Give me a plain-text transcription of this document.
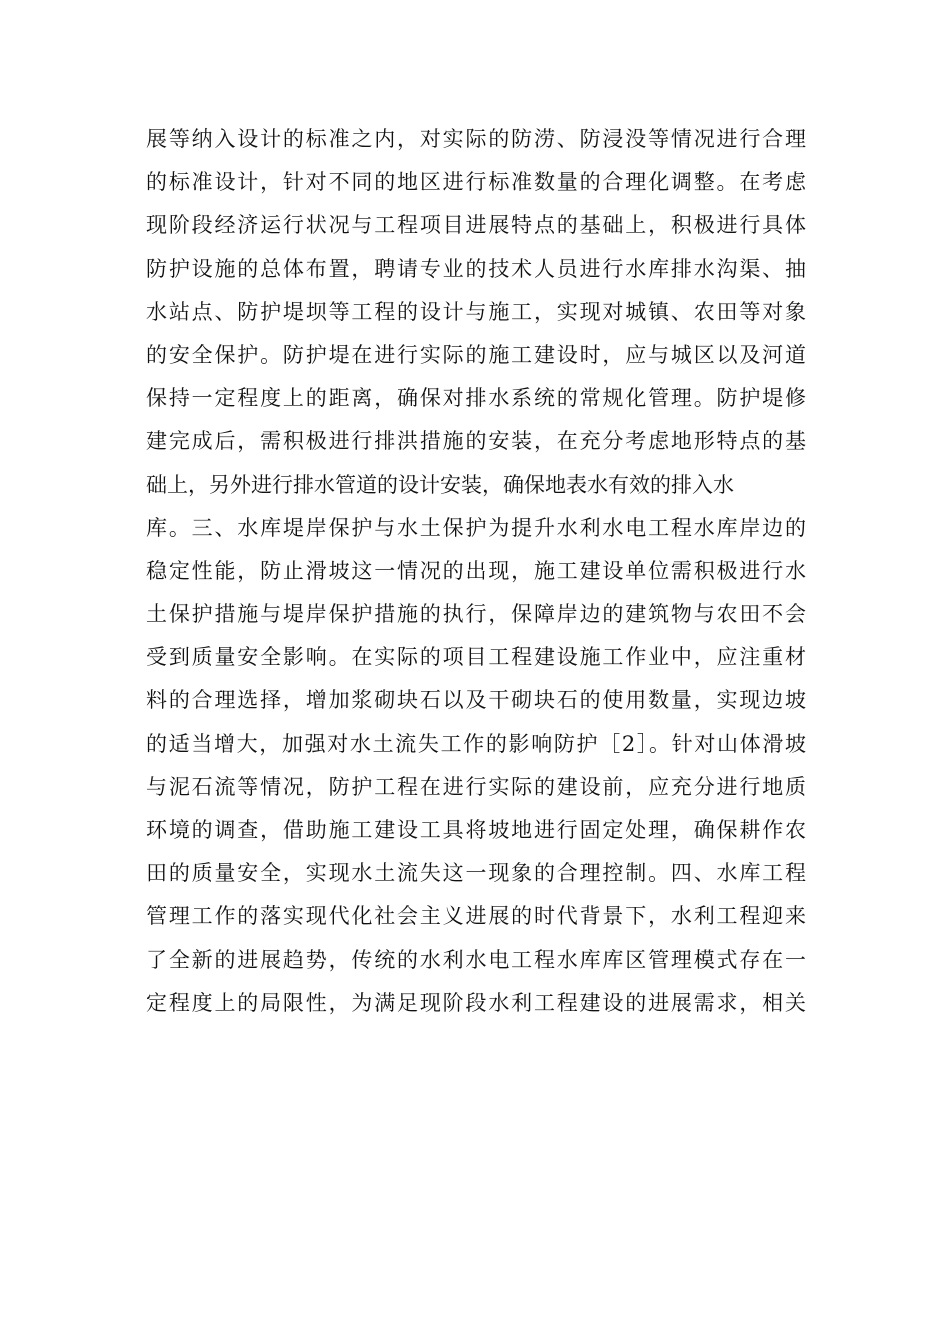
展等纳入设计的标准之内，对实际的防涝、防浸没等情况进行合理
的标准设计，针对不同的地区进行标准数量的合理化调整。在考虑
现阶段经济运行状况与工程项目进展特点的基础上，积极进行具体
防护设施的总体布置，聘请专业的技术人员进行水库排水沟渠、抽
水站点、防护堤坝等工程的设计与施工，实现对城镇、农田等对象
的安全保护。防护堤在进行实际的施工建设时，应与城区以及河道
保持一定程度上的距离，确保对排水系统的常规化管理。防护堤修
建完成后，需积极进行排洪措施的安装，在充分考虑地形特点的基
础上，另外进行排水管道的设计安装，确保地表水有效的排入水
库。三、水库堤岸保护与水土保护为提升水利水电工程水库岸边的
稳定性能，防止滑坡这一情况的出现，施工建设单位需积极进行水
土保护措施与堤岸保护措施的执行，保障岸边的建筑物与农田不会
受到质量安全影响。在实际的项目工程建设施工作业中，应注重材
料的合理选择，增加浆砌块石以及干砌块石的使用数量，实现边坡
的适当增大，加强对水土流失工作的影响防护［2］。针对山体滑坡
与泥石流等情况，防护工程在进行实际的建设前，应充分进行地质
环境的调查，借助施工建设工具将坡地进行固定处理，确保耕作农
田的质量安全，实现水土流失这一现象的合理控制。四、水库工程
管理工作的落实现代化社会主义进展的时代背景下，水利工程迎来
了全新的进展趋势，传统的水利水电工程水库库区管理模式存在一
定程度上的局限性，为满足现阶段水利工程建设的进展需求，相关
